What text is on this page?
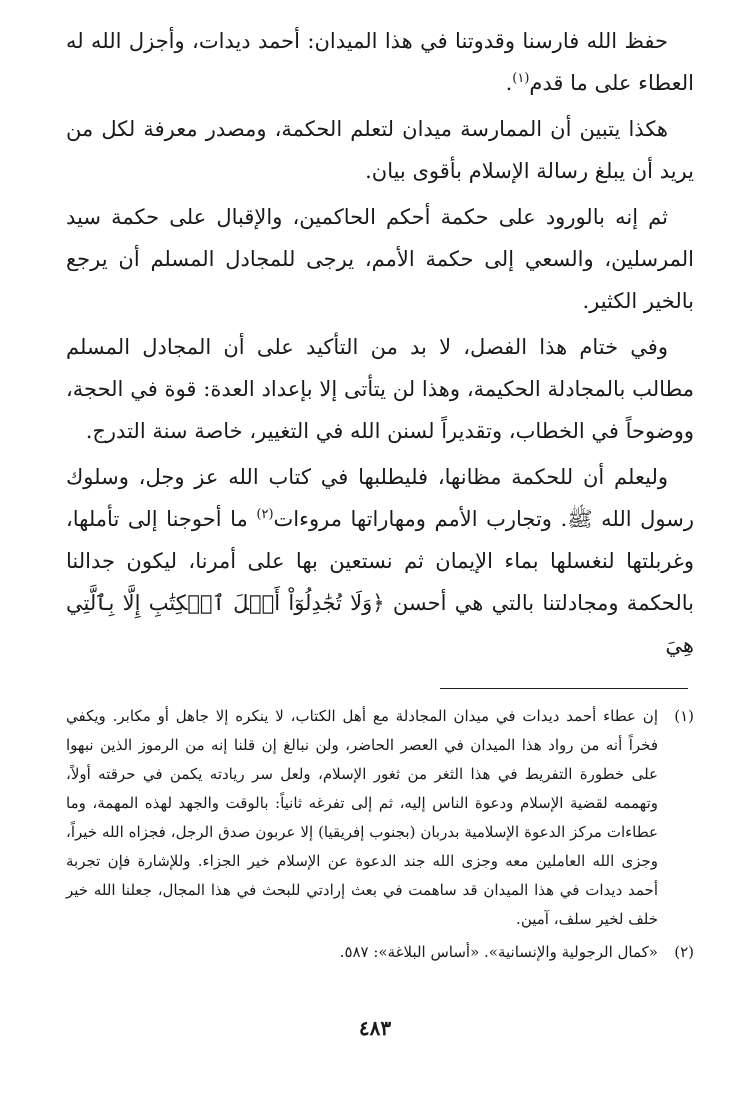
حفظ الله فارسنا وقدوتنا في هذا الميدان: أحمد ديدات، وأجزل الله له العطاء على ما قدم$^{(١)}$.

هكذا يتبين أن الممارسة ميدان لتعلم الحكمة، ومصدر معرفة لكل من يريد أن يبلغ رسالة الإسلام بأقوى بيان.

ثم إنه بالورود على حكمة أحكم الحاكمين، والإقبال على حكمة سيد المرسلين، والسعي إلى حكمة الأمم، يرجى للمجادل المسلم أن يرجع بالخير الكثير.

وفي ختام هذا الفصل، لا بد من التأكيد على أن المجادل المسلم مطالب بالمجادلة الحكيمة، وهذا لن يتأتى إلا بإعداد العدة: قوة في الحجة، ووضوحاً في الخطاب، وتقديراً لسنن الله في التغيير، خاصة سنة التدرج.

وليعلم أن للحكمة مظانها، فليطلبها في كتاب الله عز وجل، وسلوك رسول الله ﷺ. وتجارب الأمم ومهاراتها مروءات$^{(٢)}$ ما أحوجنا إلى تأملها، وغربلتها لنغسلها بماء الإيمان ثم نستعين بها على أمرنا، ليكون جدالنا بالحكمة ومجادلتنا بالتي هي أحسن ﴿وَلَا تُجَٰدِلُوٓاْ أَهۡلَ ٱلۡكِتَٰبِ إِلَّا بِٱلَّتِي هِيَ

(١)
إن عطاء أحمد ديدات في ميدان المجادلة مع أهل الكتاب، لا ينكره إلا جاهل أو مكابر. ويكفي فخراً أنه من رواد هذا الميدان في العصر الحاضر، ولن نبالغ إن قلنا إنه من الرموز الذين نبهوا على خطورة التفريط في هذا الثغر من ثغور الإسلام، ولعل سر ريادته يكمن في حرقته أولاً، وتهممه لقضية الإسلام ودعوة الناس إليه، ثم إلى تفرغه ثانياً: بالوقت والجهد لهذه المهمة، وما عطاءات مركز الدعوة الإسلامية بدربان (بجنوب إفريقيا) إلا عربون صدق الرجل، فجزاه الله خيراً، وجزى الله العاملين معه وجزى الله جند الدعوة عن الإسلام خير الجزاء. وللإشارة فإن تجربة أحمد ديدات في هذا الميدان قد ساهمت في بعث إرادتي للبحث في هذا المجال، جعلنا الله خير خلف لخير سلف، آمين.
(٢)
«كمال الرجولية والإنسانية». «أساس البلاغة»: ٥٨٧.
٤٨٣
